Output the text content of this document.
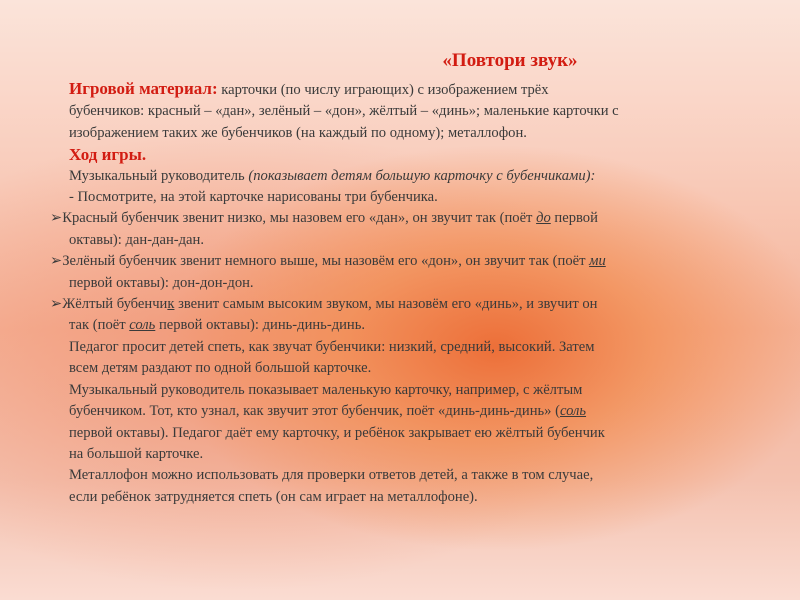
«Повтори звук»
Игровой материал: карточки (по числу играющих) с изображением трёх
бубенчиков: красный – «дан», зелёный – «дон», жёлтый – «динь»; маленькие карточки с
изображением таких же бубенчиков (на каждый по одному); металлофон.
Ход игры.
Музыкальный руководитель (показывает детям большую карточку с бубенчиками):
- Посмотрите, на этой карточке нарисованы три бубенчика.
➢Красный бубенчик звенит низко, мы назовем его «дан», он звучит так (поёт до первой
октавы): дан-дан-дан.
➢Зелёный бубенчик звенит немного выше, мы назовём его «дон», он звучит так (поёт ми
первой октавы): дон-дон-дон.
➢Жёлтый бубенчик звенит самым высоким звуком, мы назовём его «динь», и звучит он
так (поёт соль первой октавы): динь-динь-динь.
Педагог просит детей спеть, как звучат бубенчики: низкий, средний, высокий. Затем
всем детям раздают по одной большой карточке.
Музыкальный руководитель показывает маленькую карточку, например, с жёлтым
бубенчиком. Тот, кто узнал, как звучит этот бубенчик, поёт «динь-динь-динь» (соль
первой октавы). Педагог даёт ему карточку, и ребёнок закрывает ею жёлтый бубенчик
на большой карточке.
Металлофон можно использовать для проверки ответов детей, а также в том случае,
если ребёнок затрудняется спеть (он сам играет на металлофоне).
